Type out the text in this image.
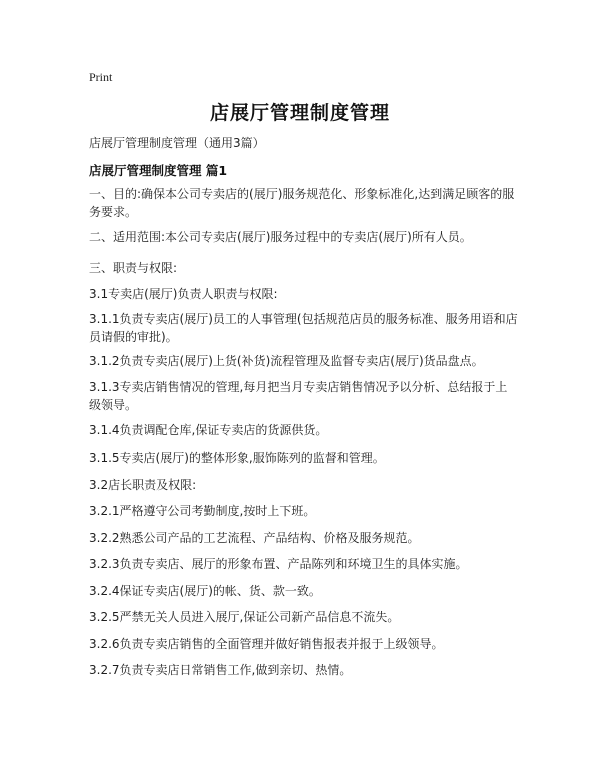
Print
店展厅管理制度管理
店展厅管理制度管理（通用3篇）
店展厅管理制度管理 篇1
一、目的:确保本公司专卖店的(展厅)服务规范化、形象标准化,达到满足顾客的服务要求。
二、适用范围:本公司专卖店(展厅)服务过程中的专卖店(展厅)所有人员。
三、职责与权限:
3.1专卖店(展厅)负责人职责与权限:
3.1.1负责专卖店(展厅)员工的人事管理(包括规范店员的服务标准、服务用语和店员请假的审批)。
3.1.2负责专卖店(展厅)上货(补货)流程管理及监督专卖店(展厅)货品盘点。
3.1.3专卖店销售情况的管理,每月把当月专卖店销售情况予以分析、总结报于上级领导。
3.1.4负责调配仓库,保证专卖店的货源供货。
3.1.5专卖店(展厅)的整体形象,服饰陈列的监督和管理。
3.2店长职责及权限:
3.2.1严格遵守公司考勤制度,按时上下班。
3.2.2熟悉公司产品的工艺流程、产品结构、价格及服务规范。
3.2.3负责专卖店、展厅的形象布置、产品陈列和环境卫生的具体实施。
3.2.4保证专卖店(展厅)的帐、货、款一致。
3.2.5严禁无关人员进入展厅,保证公司新产品信息不流失。
3.2.6负责专卖店销售的全面管理并做好销售报表并报于上级领导。
3.2.7负责专卖店日常销售工作,做到亲切、热情。
